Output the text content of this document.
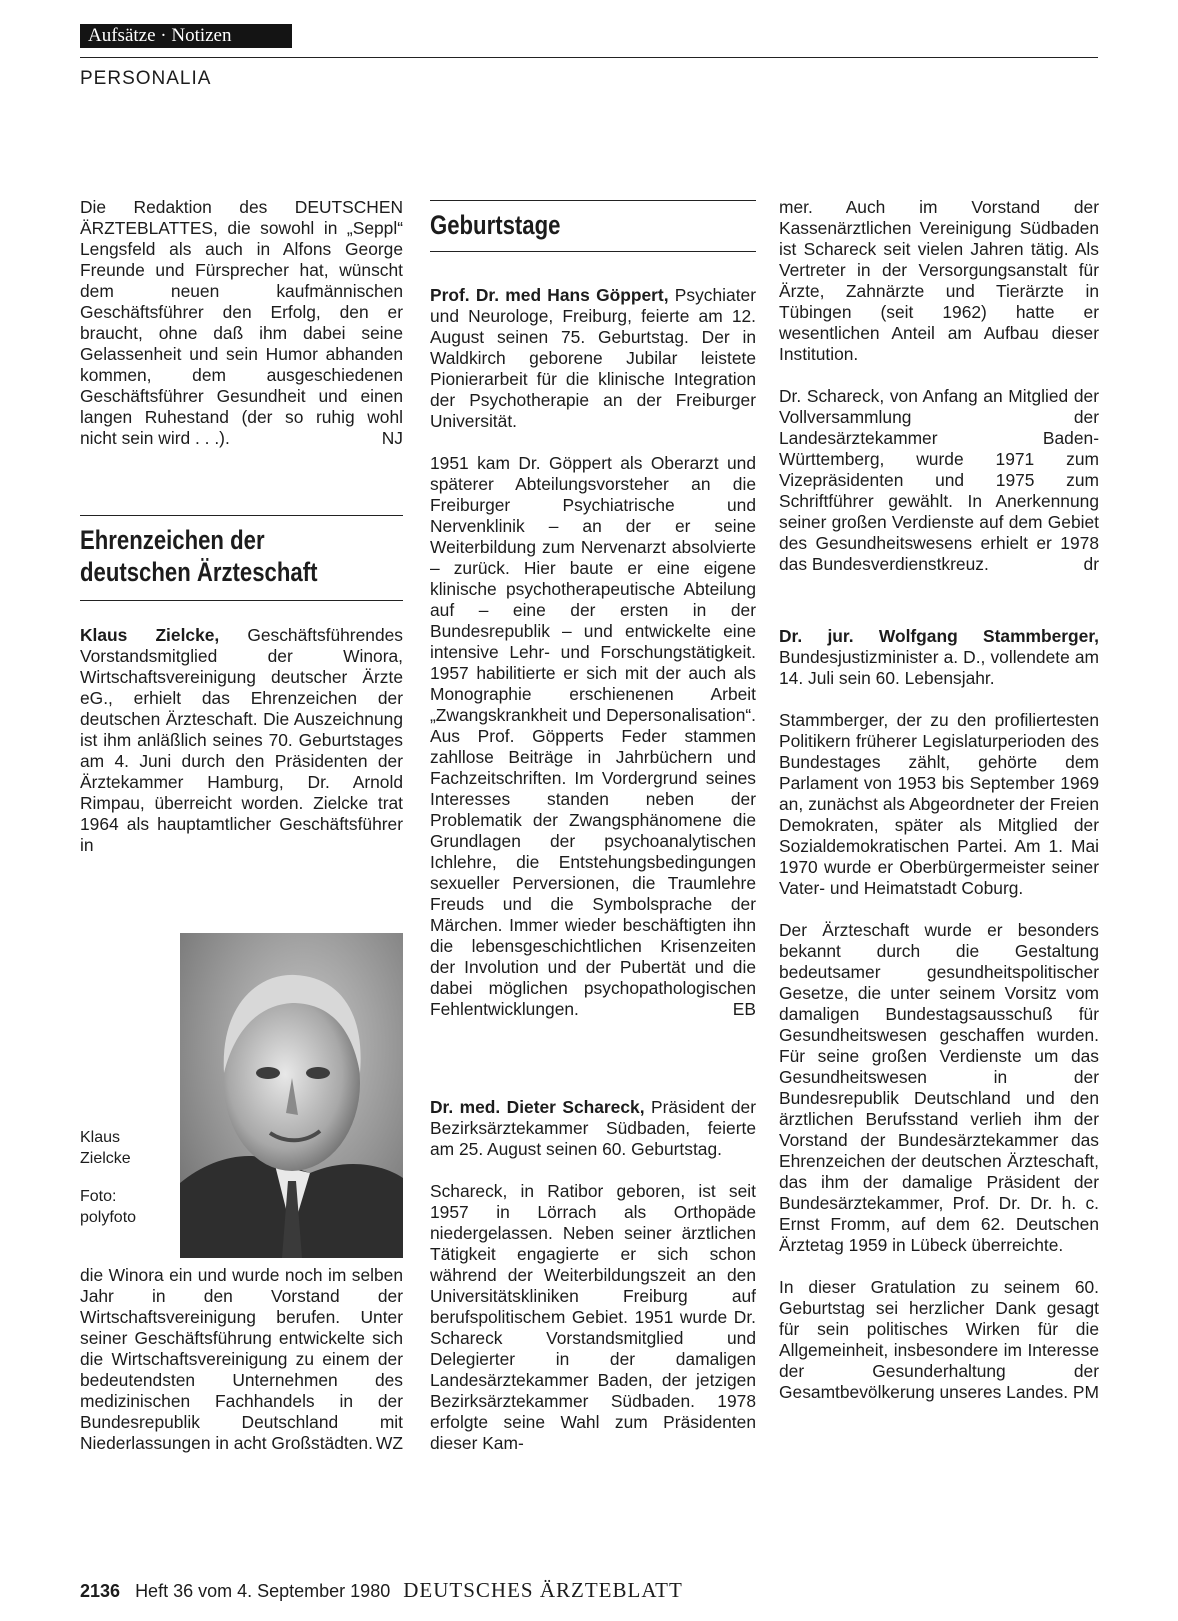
Aufsätze · Notizen
PERSONALIA

Die Redaktion des DEUTSCHEN ÄRZTEBLATTES, die sowohl in „Seppl“ Lengsfeld als auch in Alfons George Freunde und Fürsprecher hat, wünscht dem neuen kaufmännischen Geschäftsführer den Erfolg, den er braucht, ohne daß ihm dabei seine Gelassenheit und sein Humor abhanden kommen, dem ausgeschiedenen Geschäftsführer Gesundheit und einen langen Ruhestand (der so ruhig wohl nicht sein wird . . .).	NJ

Ehrenzeichen der
deutschen Ärzteschaft

Klaus Zielcke, Geschäftsführendes Vorstandsmitglied der Winora, Wirtschaftsvereinigung deutscher Ärzte eG., erhielt das Ehrenzeichen der deutschen Ärzteschaft. Die Auszeichnung ist ihm anläßlich seines 70. Geburtstages am 4. Juni durch den Präsidenten der Ärztekammer Hamburg, Dr. Arnold Rimpau, überreicht worden. Zielcke trat 1964 als hauptamtlicher Geschäftsführer in

Klaus
Zielcke
Foto:
polyfoto

die Winora ein und wurde noch im selben Jahr in den Vorstand der Wirtschaftsvereinigung berufen. Unter seiner Geschäftsführung entwickelte sich die Wirtschaftsvereinigung zu einem der bedeutendsten Unternehmen des medizinischen Fachhandels in der Bundesrepublik Deutschland mit Niederlassungen in acht Großstädten. WZ

Geburtstage

Prof. Dr. med Hans Göppert, Psychiater und Neurologe, Freiburg, feierte am 12. August seinen 75. Geburtstag. Der in Waldkirch geborene Jubilar leistete Pionierarbeit für die klinische Integration der Psychotherapie an der Freiburger Universität.

1951 kam Dr. Göppert als Oberarzt und späterer Abteilungsvorsteher an die Freiburger Psychiatrische und Nervenklinik – an der er seine Weiterbildung zum Nervenarzt absolvierte – zurück. Hier baute er eine eigene klinische psychotherapeutische Abteilung auf – eine der ersten in der Bundesrepublik – und entwickelte eine intensive Lehr- und Forschungstätigkeit. 1957 habilitierte er sich mit der auch als Monographie erschienenen Arbeit „Zwangskrankheit und Depersonalisation“. Aus Prof. Göpperts Feder stammen zahllose Beiträge in Jahrbüchern und Fachzeitschriften. Im Vordergrund seines Interesses standen neben der Problematik der Zwangsphänomene die Grundlagen der psychoanalytischen Ichlehre, die Entstehungsbedingungen sexueller Perversionen, die Traumlehre Freuds und die Symbolsprache der Märchen. Immer wieder beschäftigten ihn die lebensgeschichtlichen Krisenzeiten der Involution und der Pubertät und die dabei möglichen psychopathologischen Fehlentwicklungen.	EB

Dr. med. Dieter Schareck, Präsident der Bezirksärztekammer Südbaden, feierte am 25. August seinen 60. Geburtstag.

Schareck, in Ratibor geboren, ist seit 1957 in Lörrach als Orthopäde niedergelassen. Neben seiner ärztlichen Tätigkeit engagierte er sich schon während der Weiterbildungszeit an den Universitätskliniken Freiburg auf berufspolitischem Gebiet. 1951 wurde Dr. Schareck Vorstandsmitglied und Delegierter in der damaligen Landesärztekammer Baden, der jetzigen Bezirksärztekammer Südbaden. 1978 erfolgte seine Wahl zum Präsidenten dieser Kam-

mer. Auch im Vorstand der Kassenärztlichen Vereinigung Südbaden ist Schareck seit vielen Jahren tätig. Als Vertreter in der Versorgungsanstalt für Ärzte, Zahnärzte und Tierärzte in Tübingen (seit 1962) hatte er wesentlichen Anteil am Aufbau dieser Institution.

Dr. Schareck, von Anfang an Mitglied der Vollversammlung der Landesärztekammer Baden-Württemberg, wurde 1971 zum Vizepräsidenten und 1975 zum Schriftführer gewählt. In Anerkennung seiner großen Verdienste auf dem Gebiet des Gesundheitswesens erhielt er 1978 das Bundesverdienstkreuz.	dr

Dr. jur. Wolfgang Stammberger, Bundesjustizminister a. D., vollendete am 14. Juli sein 60. Lebensjahr.

Stammberger, der zu den profiliertesten Politikern früherer Legislaturperioden des Bundestages zählt, gehörte dem Parlament von 1953 bis September 1969 an, zunächst als Abgeordneter der Freien Demokraten, später als Mitglied der Sozialdemokratischen Partei. Am 1. Mai 1970 wurde er Oberbürgermeister seiner Vater- und Heimatstadt Coburg.

Der Ärzteschaft wurde er besonders bekannt durch die Gestaltung bedeutsamer gesundheitspolitischer Gesetze, die unter seinem Vorsitz vom damaligen Bundestagsausschuß für Gesundheitswesen geschaffen wurden. Für seine großen Verdienste um das Gesundheitswesen in der Bundesrepublik Deutschland und den ärztlichen Berufsstand verlieh ihm der Vorstand der Bundesärztekammer das Ehrenzeichen der deutschen Ärzteschaft, das ihm der damalige Präsident der Bundesärztekammer, Prof. Dr. Dr. h. c. Ernst Fromm, auf dem 62. Deutschen Ärztetag 1959 in Lübeck überreichte.

In dieser Gratulation zu seinem 60. Geburtstag sei herzlicher Dank gesagt für sein politisches Wirken für die Allgemeinheit, insbesondere im Interesse der Gesunderhaltung der Gesamtbevölkerung unseres Landes. PM

2136 Heft 36 vom 4. September 1980 DEUTSCHES ÄRZTEBLATT
